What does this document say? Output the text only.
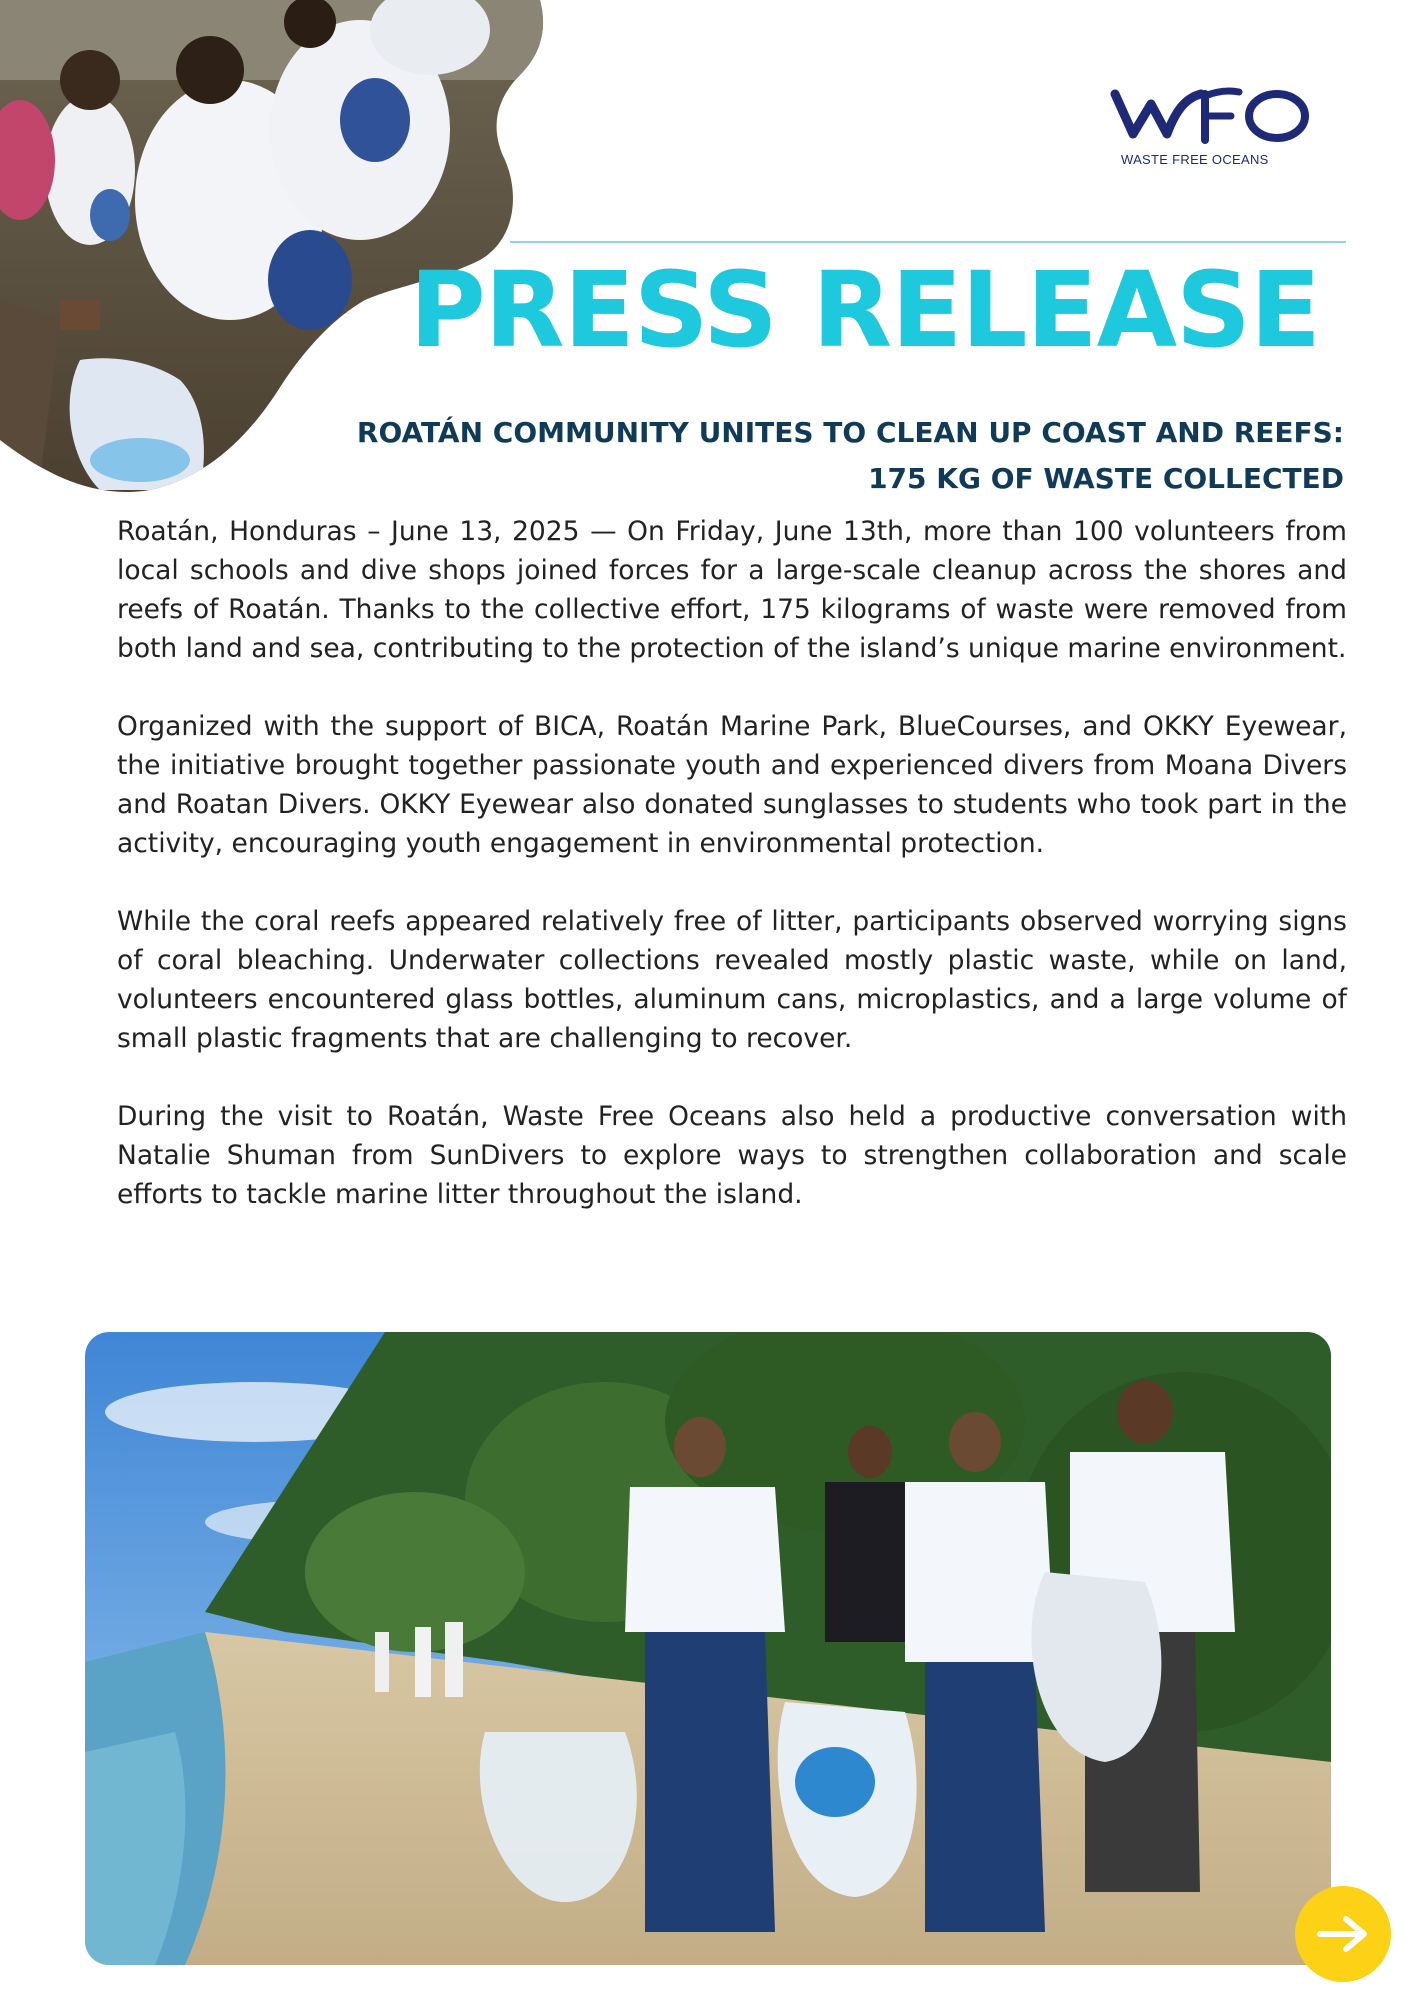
WASTE FREE OCEANS
PRESS RELEASE
ROATÁN COMMUNITY UNITES TO CLEAN UP COAST AND REEFS:
175 KG OF WASTE COLLECTED

Roatán, Honduras – June 13, 2025 — On Friday, June 13th, more than 100 volunteers from local schools and dive shops joined forces for a large-scale cleanup across the shores and reefs of Roatán. Thanks to the collective effort, 175 kilograms of waste were removed from both land and sea, contributing to the protection of the island’s unique marine environment.

Organized with the support of BICA, Roatán Marine Park, BlueCourses, and OKKY Eyewear, the initiative brought together passionate youth and experienced divers from Moana Divers and Roatan Divers. OKKY Eyewear also donated sunglasses to students who took part in the activity, encouraging youth engagement in environmental protection.

While the coral reefs appeared relatively free of litter, participants observed worrying signs of coral bleaching. Underwater collections revealed mostly plastic waste, while on land, volunteers encountered glass bottles, aluminum cans, microplastics, and a large volume of small plastic fragments that are challenging to recover.

During the visit to Roatán, Waste Free Oceans also held a productive conversation with Natalie Shuman from SunDivers to explore ways to strengthen collaboration and scale efforts to tackle marine litter throughout the island.
